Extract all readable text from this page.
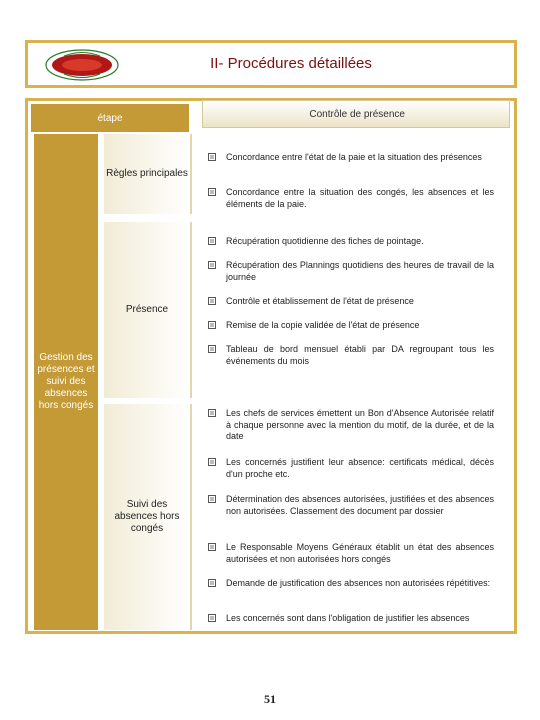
II- Procédures détaillées
étape	Contrôle de présence
Gestion des présences et suivi des absences hors congés
Règles principales
Présence
Suivi des absences hors congés
Concordance entre l'état de la paie et la situation des présences
Concordance entre la situation des congés, les absences et les éléments de la paie.
Récupération quotidienne des fiches de pointage.
Récupération des Plannings quotidiens des heures de travail de la journée
Contrôle et établissement de l'état de présence
Remise de la copie validée de l'état de présence
Tableau de bord mensuel établi par DA regroupant tous les événements du mois
Les chefs de services émettent un Bon d'Absence Autorisée relatif à chaque personne avec la mention du motif, de la durée, et de la date
Les concernés justifient leur absence: certificats médical, décès d'un proche etc.
Détermination des absences autorisées, justifiées et des absences non autorisées. Classement des document par dossier
Le Responsable Moyens Généraux établit un état des absences autorisées et non autorisées hors congés
Demande de justification des absences non autorisées répétitives:
Les concernés sont dans l'obligation de justifier les absences
51
